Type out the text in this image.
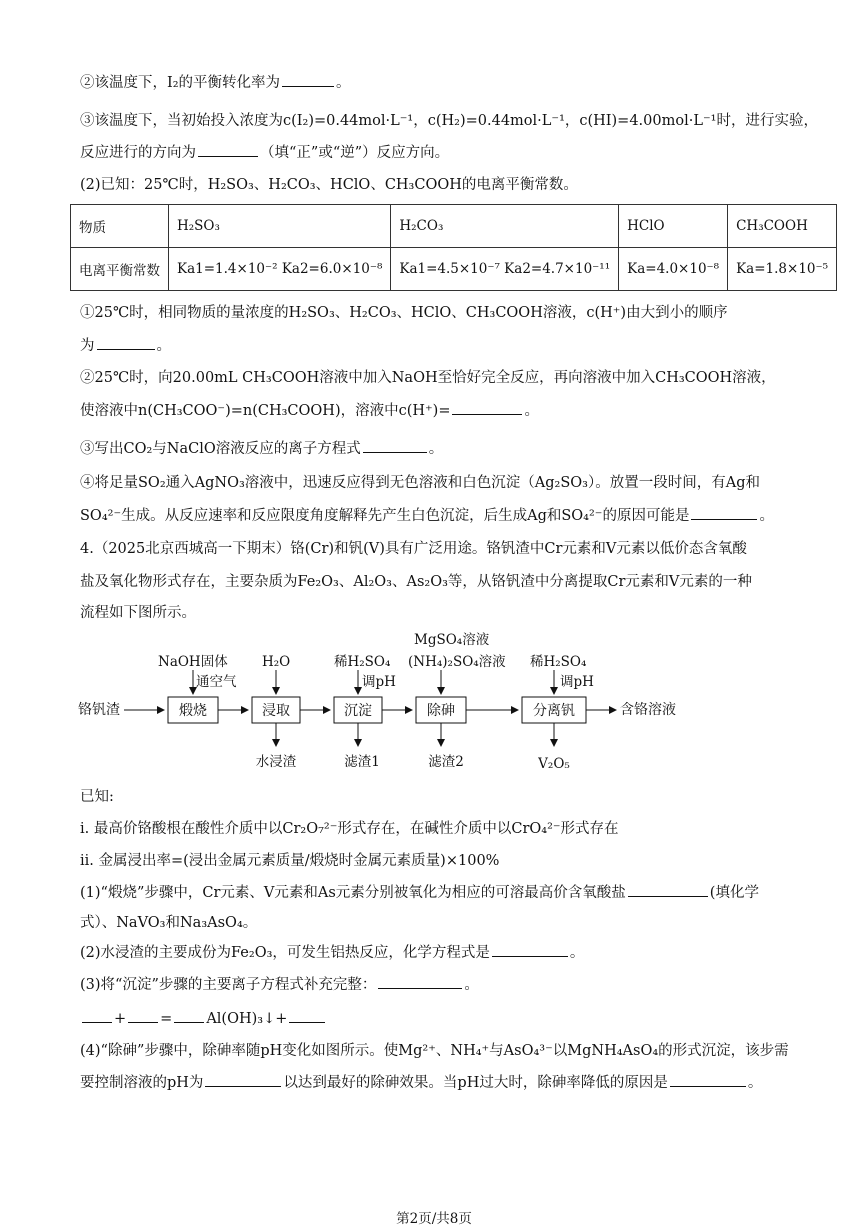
②该温度下，I₂的平衡转化率为	。
③该温度下，当初始投入浓度为c(I₂)=0.44mol·L⁻¹，c(H₂)=0.44mol·L⁻¹，c(HI)=4.00mol·L⁻¹时，进行实验，
反应进行的方向为	（填“正”或“逆”）反应方向。
(2)已知：25℃时，H₂SO₃、H₂CO₃、HClO、CH₃COOH的电离平衡常数。
物质	H₂SO₃	H₂CO₃	HClO	CH₃COOH
电离平衡常数	Ka1=1.4×10⁻² Ka2=6.0×10⁻⁸	Ka1=4.5×10⁻⁷ Ka2=4.7×10⁻¹¹	Ka=4.0×10⁻⁸	Ka=1.8×10⁻⁵
①25℃时，相同物质的量浓度的H₂SO₃、H₂CO₃、HClO、CH₃COOH溶液，c(H⁺)由大到小的顺序
为	。
②25℃时，向20.00mL CH₃COOH溶液中加入NaOH至恰好完全反应，再向溶液中加入CH₃COOH溶液，
使溶液中n(CH₃COO⁻)=n(CH₃COOH)，溶液中c(H⁺)=	。
③写出CO₂与NaClO溶液反应的离子方程式	。
④将足量SO₂通入AgNO₃溶液中，迅速反应得到无色溶液和白色沉淀（Ag₂SO₃）。放置一段时间，有Ag和
SO₄²⁻生成。从反应速率和反应限度角度解释先产生白色沉淀，后生成Ag和SO₄²⁻的原因可能是	。
4.（2025北京西城高一下期末）铬(Cr)和钒(V)具有广泛用途。铬钒渣中Cr元素和V元素以低价态含氧酸
盐及氧化物形式存在，主要杂质为Fe₂O₃、Al₂O₃、As₂O₃等，从铬钒渣中分离提取Cr元素和V元素的一种
流程如下图所示。
铬钒渣	煅烧	浸取	沉淀	除砷	分离钒	含铬溶液
NaOH固体
通空气
H₂O	稀H₂SO₄
调pH
MgSO₄溶液
(NH₄)₂SO₄溶液 稀H₂SO₄
调pH
水浸渣	滤渣1	滤渣2	V₂O₅
已知:
i. 最高价铬酸根在酸性介质中以Cr₂O₇²⁻形式存在，在碱性介质中以CrO₄²⁻形式存在
ii. 金属浸出率=(浸出金属元素质量/煅烧时金属元素质量)×100%
(1)“煅烧”步骤中，Cr元素、V元素和As元素分别被氧化为相应的可溶最高价含氧酸盐	(填化学
式）、NaVO₃和Na₃AsO₄。
(2)水浸渣的主要成份为Fe₂O₃，可发生铝热反应，化学方程式是	。
(3)将“沉淀”步骤的主要离子方程式补充完整：	。
+ = Al(OH)₃↓+
(4)“除砷”步骤中，除砷率随pH变化如图所示。使Mg²⁺、NH₄⁺与AsO₄³⁻以MgNH₄AsO₄的形式沉淀，该步需
要控制溶液的pH为	以达到最好的除砷效果。当pH过大时，除砷率降低的原因是	。
第2页/共8页
